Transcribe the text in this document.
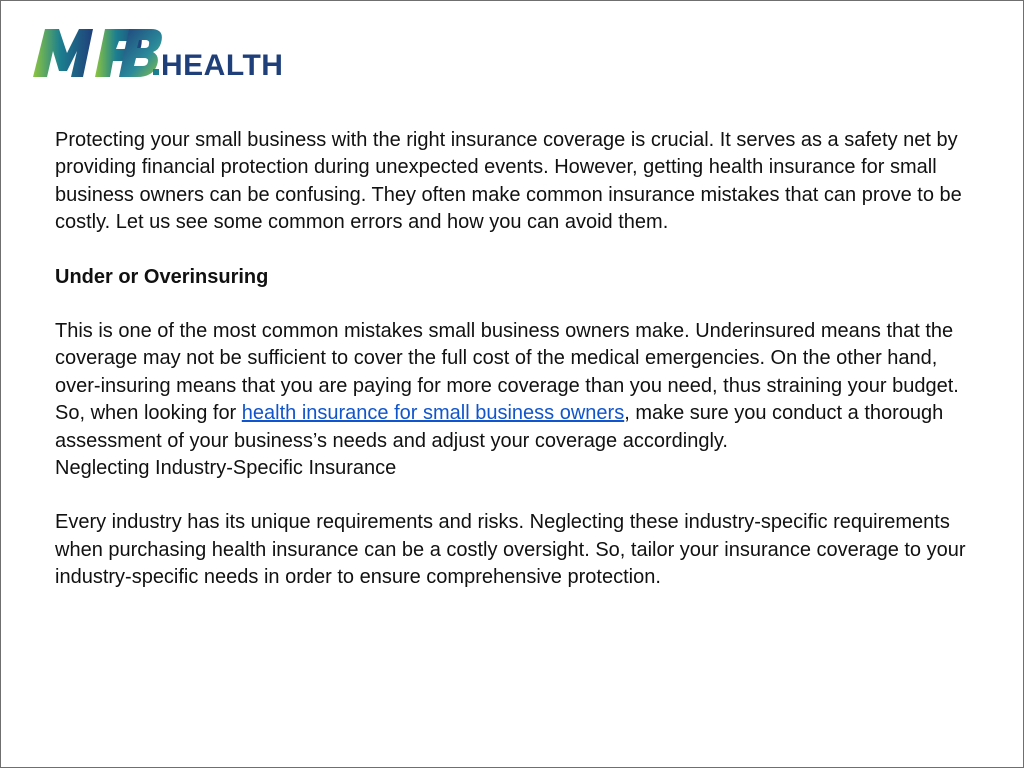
HEALTH

Protecting your small business with the right insurance coverage is crucial. It serves as a safety net by providing financial protection during unexpected events. However, getting health insurance for small business owners can be confusing. They often make common insurance mistakes that can prove to be costly. Let us see some common errors and how you can avoid them.

Under or Overinsuring

This is one of the most common mistakes small business owners make. Underinsured means that the coverage may not be sufficient to cover the full cost of the medical emergencies. On the other hand, over-insuring means that you are paying for more coverage than you need, thus straining your budget. So, when looking for health insurance for small business owners, make sure you conduct a thorough assessment of your business’s needs and adjust your coverage accordingly.

Neglecting Industry-Specific Insurance

Every industry has its unique requirements and risks. Neglecting these industry-specific requirements when purchasing health insurance can be a costly oversight. So, tailor your insurance coverage to your industry-specific needs in order to ensure comprehensive protection.
